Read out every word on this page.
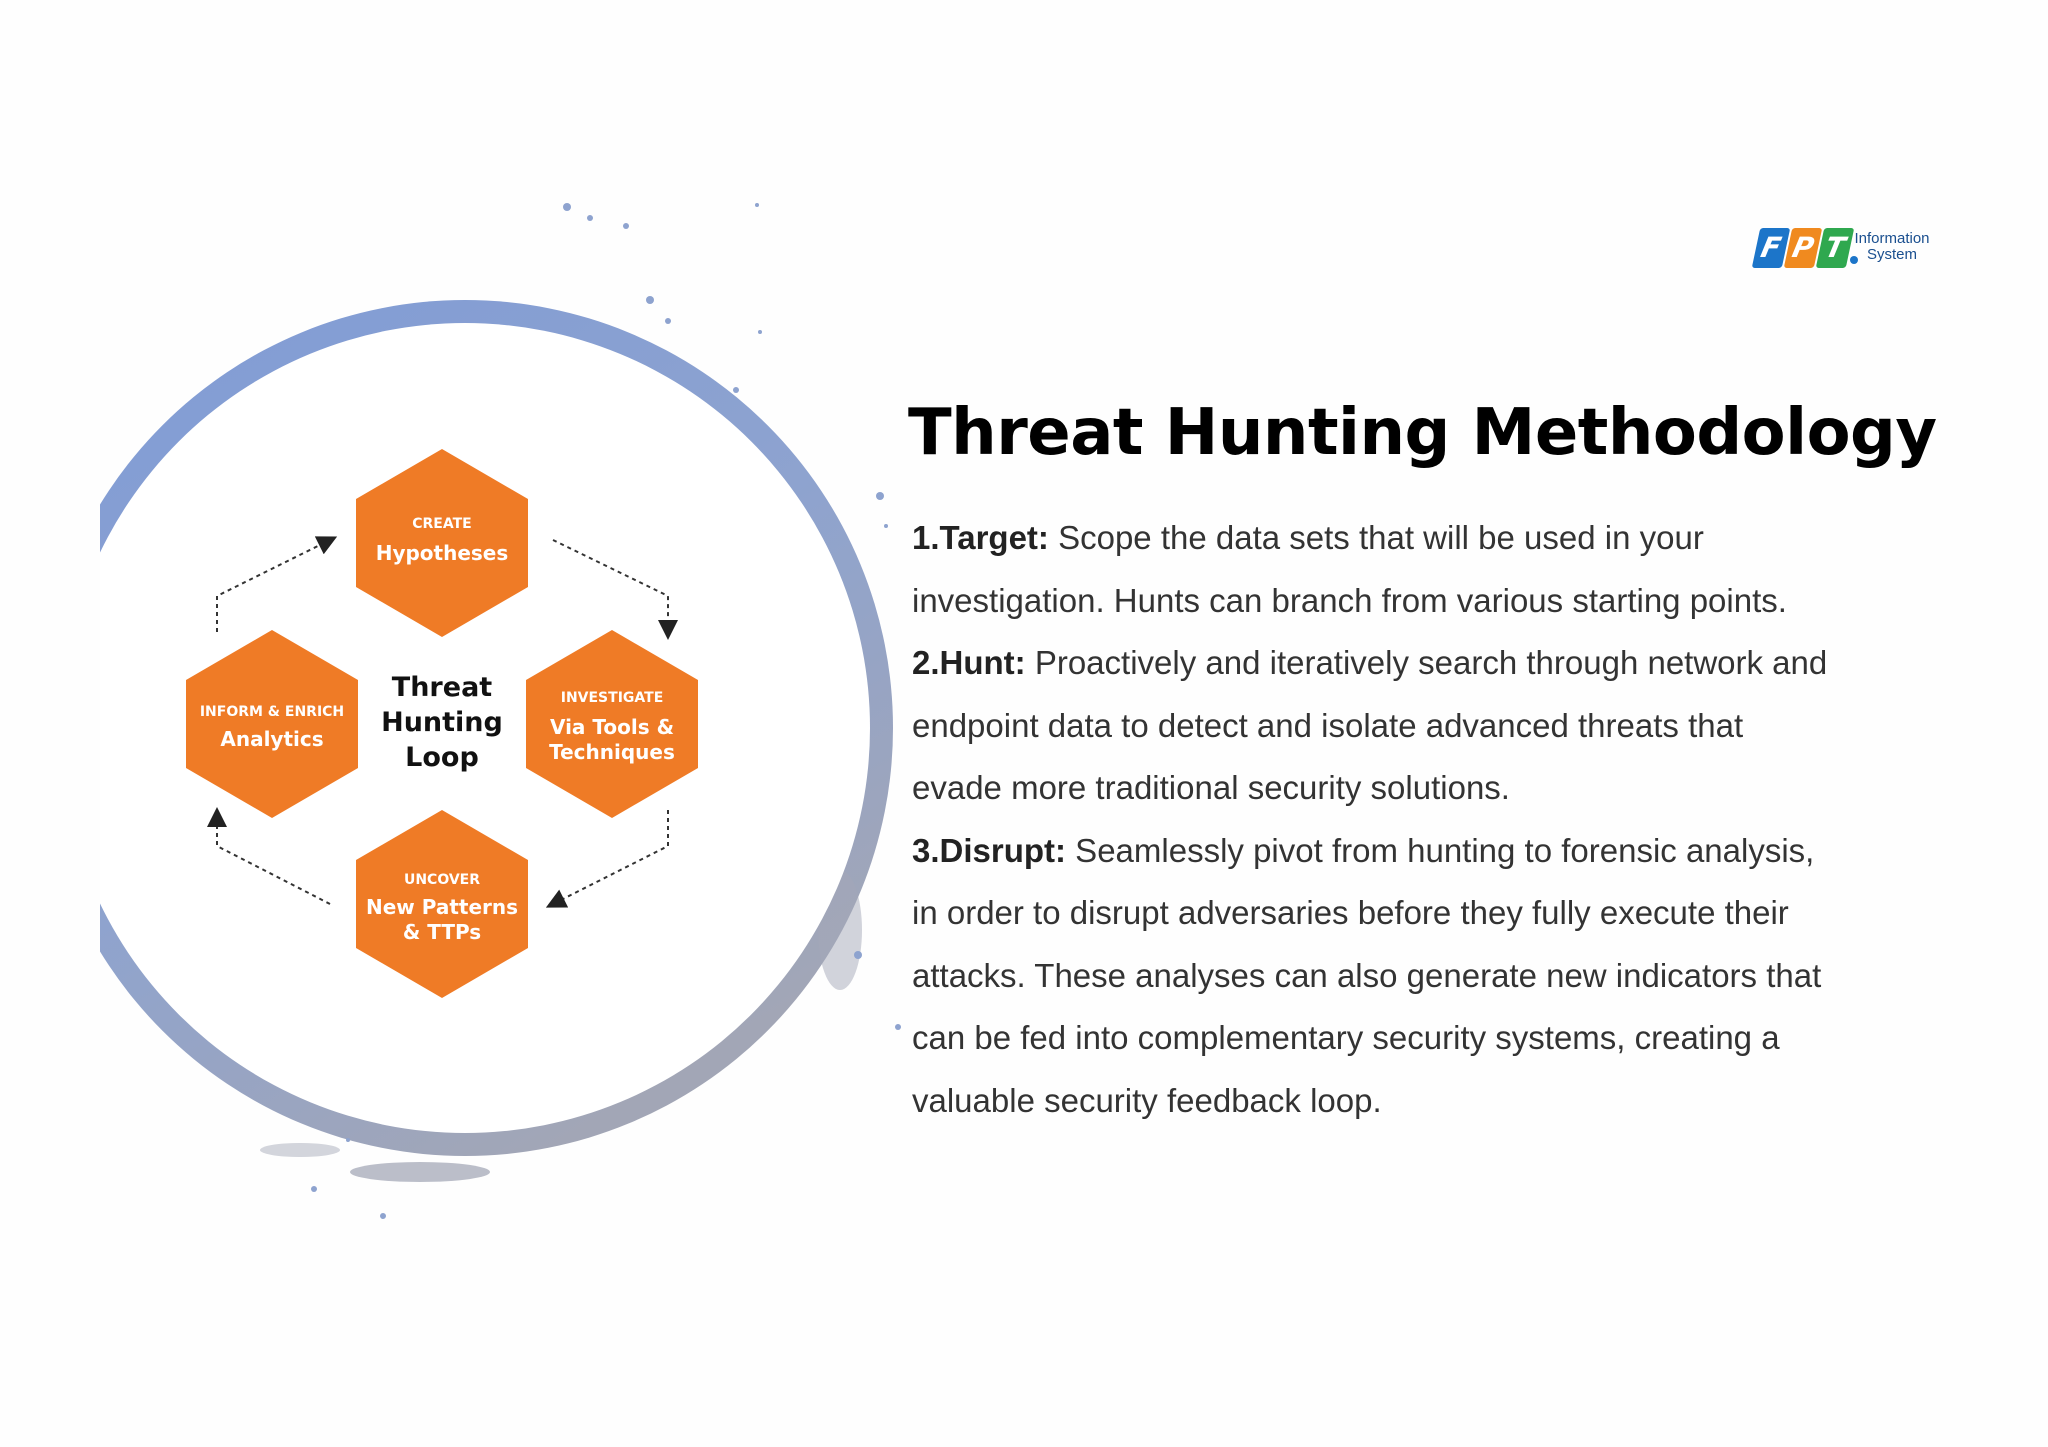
CREATE
Hypotheses
INVESTIGATE
Via Tools &
Techniques
UNCOVER
New Patterns
& TTPs
INFORM & ENRICH
Analytics
Threat
Hunting
Loop
F P T Information
System
Threat Hunting Methodology

1.Target: Scope the data sets that will be used in your investigation. Hunts can branch from various starting points.

2.Hunt: Proactively and iteratively search through network and endpoint data to detect and isolate advanced threats that evade more traditional security solutions.

3.Disrupt: Seamlessly pivot from hunting to forensic analysis, in order to disrupt adversaries before they fully execute their attacks. These analyses can also generate new indicators that can be fed into complementary security systems, creating a valuable security feedback loop.
